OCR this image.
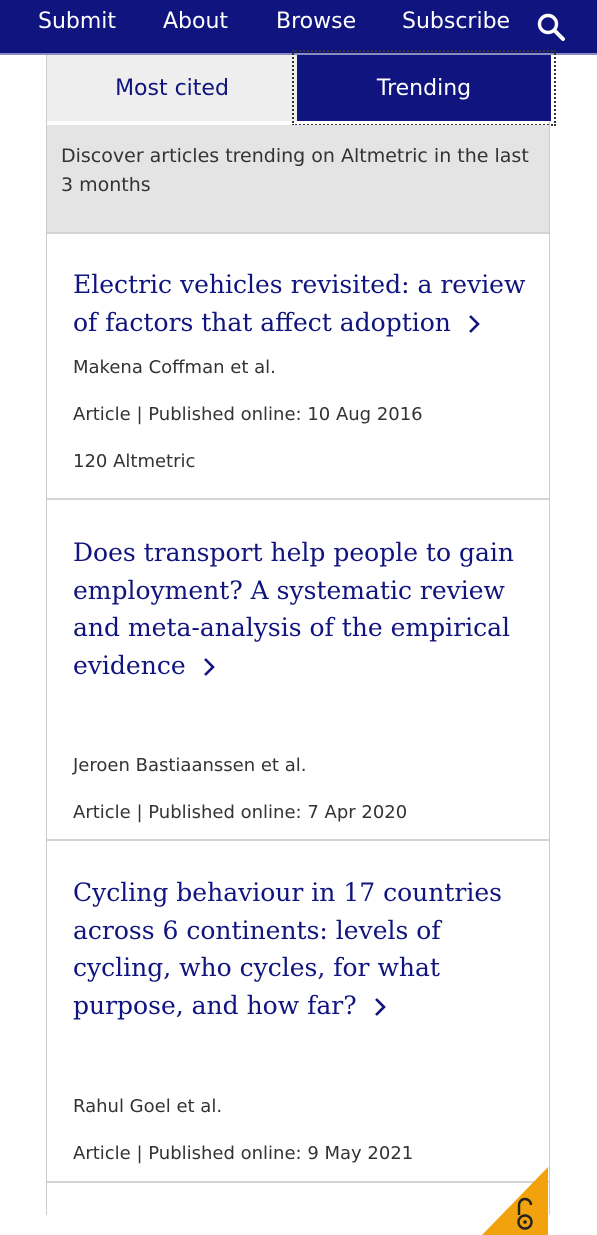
Submit About Browse Subscribe
Most cited	Trending
Discover articles trending on Altmetric in the last 3 months
Electric vehicles revisited: a review of factors that affect adoption
Makena Coffman et al.
Article | Published online: 10 Aug 2016
120 Altmetric
Does transport help people to gain employment? A systematic review and meta-analysis of the empirical evidence
Jeroen Bastiaanssen et al.
Article | Published online: 7 Apr 2020
Cycling behaviour in 17 countries across 6 continents: levels of cycling, who cycles, for what purpose, and how far?
Rahul Goel et al.
Article | Published online: 9 May 2021
